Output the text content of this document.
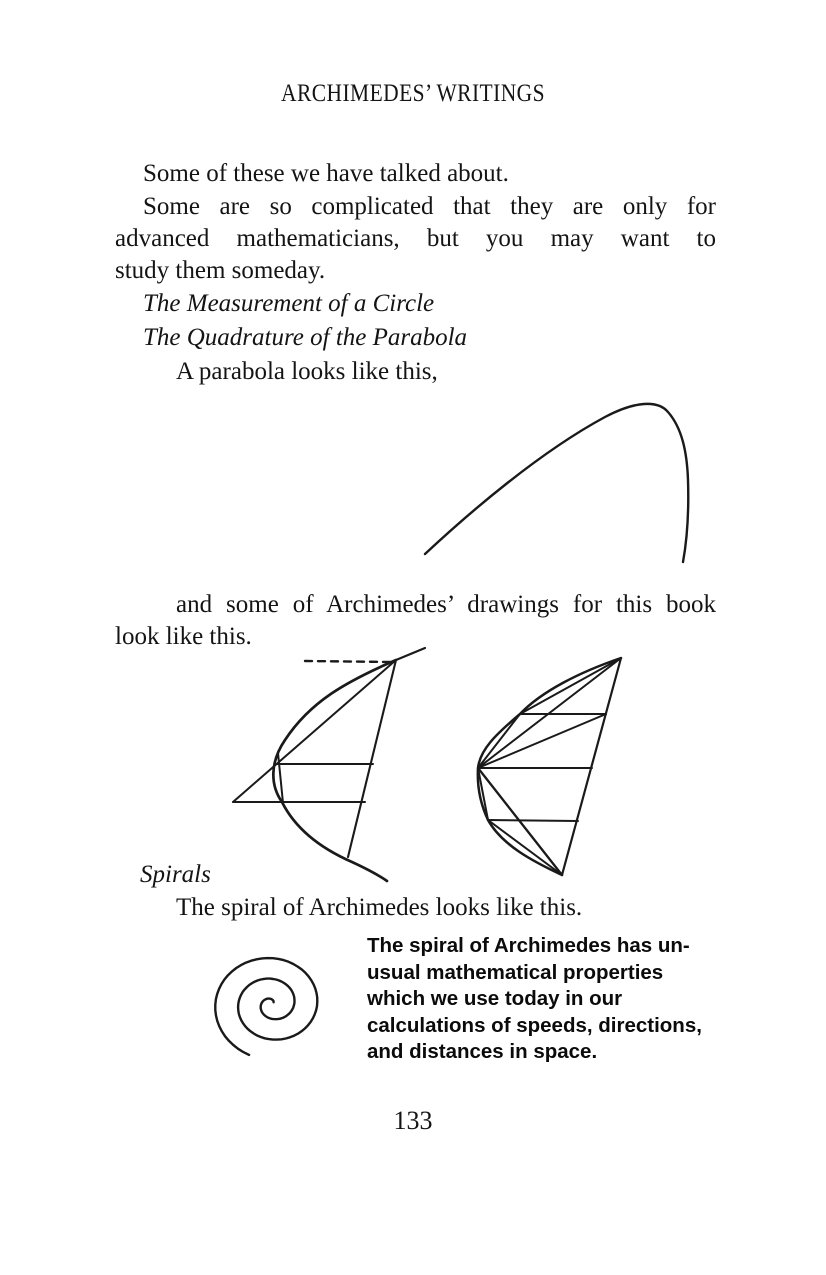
ARCHIMEDES’ WRITINGS
Some of these we have talked about.
Some are so complicated that they are only for
advanced mathematicians, but you may want to
study them someday.
The Measurement of a Circle
The Quadrature of the Parabola
A parabola looks like this,
and some of Archimedes’ drawings for this book
look like this.
Spirals
The spiral of Archimedes looks like this.
The spiral of Archimedes has un-
usual mathematical properties
which we use today in our
calculations of speeds, directions,
and distances in space.
133
